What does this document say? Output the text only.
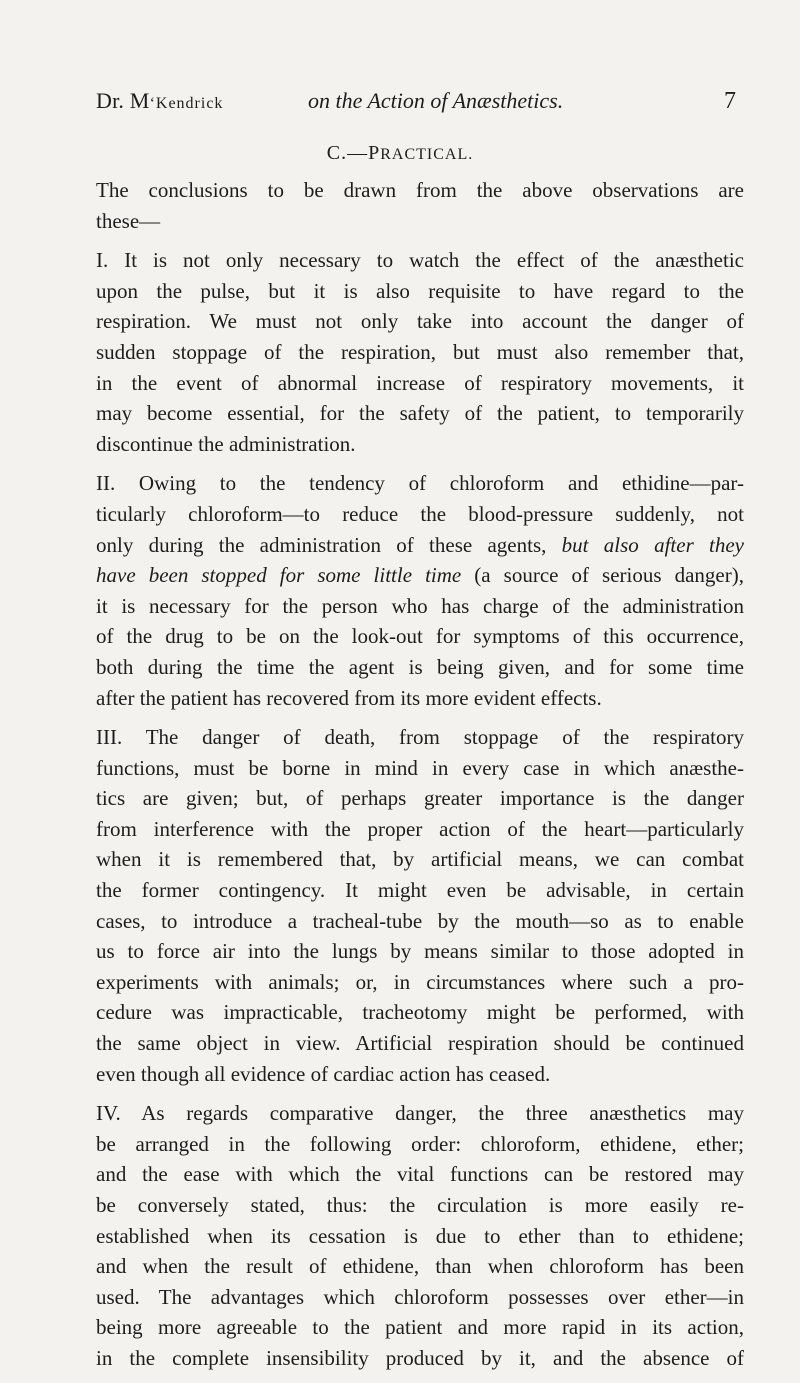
Dr. M‘Kendrick	on the Action of Anæsthetics.	7
C.—PRACTICAL.

The conclusions to be drawn from the above observations are
these—

I. It is not only necessary to watch the effect of the anæsthetic
upon the pulse, but it is also requisite to have regard to the
respiration. We must not only take into account the danger of
sudden stoppage of the respiration, but must also remember that,
in the event of abnormal increase of respiratory movements, it
may become essential, for the safety of the patient, to temporarily
discontinue the administration.

II. Owing to the tendency of chloroform and ethidine—par-
ticularly chloroform—to reduce the blood-pressure suddenly, not
only during the administration of these agents, but also after they
have been stopped for some little time (a source of serious danger),
it is necessary for the person who has charge of the administration
of the drug to be on the look-out for symptoms of this occurrence,
both during the time the agent is being given, and for some time
after the patient has recovered from its more evident effects.

III. The danger of death, from stoppage of the respiratory
functions, must be borne in mind in every case in which anæsthe-
tics are given; but, of perhaps greater importance is the danger
from interference with the proper action of the heart—particularly
when it is remembered that, by artificial means, we can combat
the former contingency. It might even be advisable, in certain
cases, to introduce a tracheal-tube by the mouth—so as to enable
us to force air into the lungs by means similar to those adopted in
experiments with animals; or, in circumstances where such a pro-
cedure was impracticable, tracheotomy might be performed, with
the same object in view. Artificial respiration should be continued
even though all evidence of cardiac action has ceased.

IV. As regards comparative danger, the three anæsthetics may
be arranged in the following order: chloroform, ethidene, ether;
and the ease with which the vital functions can be restored may
be conversely stated, thus: the circulation is more easily re-
established when its cessation is due to ether than to ethidene;
and when the result of ethidene, than when chloroform has been
used. The advantages which chloroform possesses over ether—in
being more agreeable to the patient and more rapid in its action,
in the complete insensibility produced by it, and the absence of
